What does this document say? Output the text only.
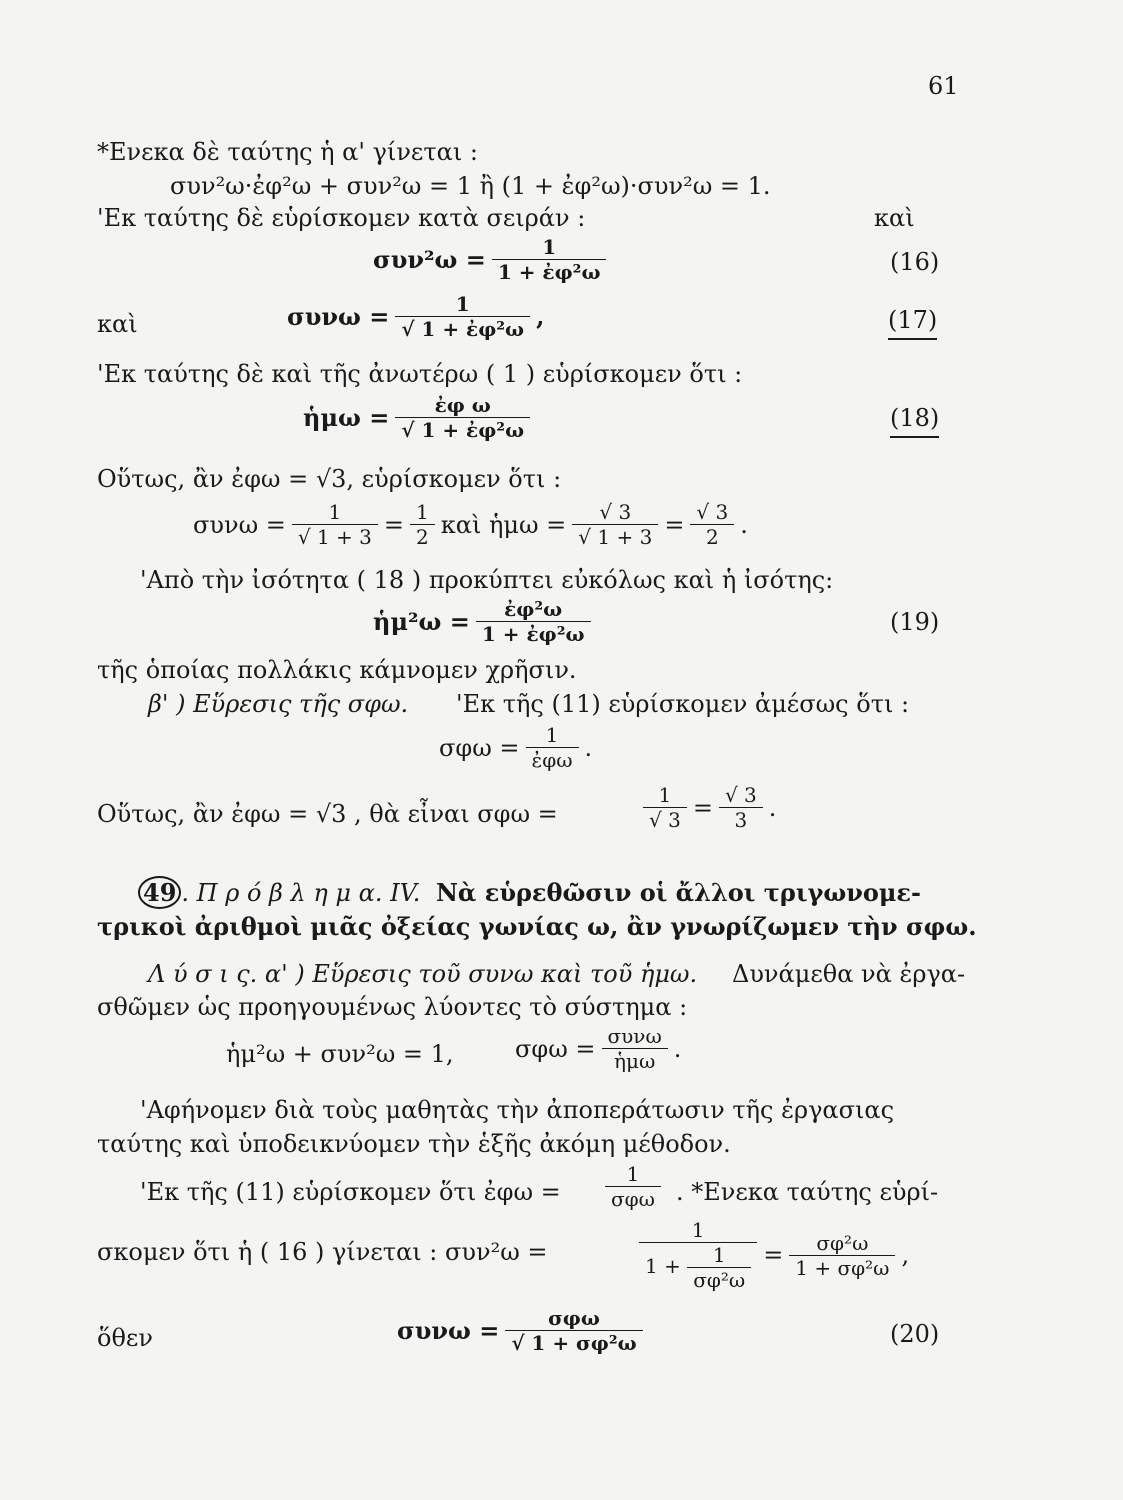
61
*Ενεκα δὲ ταύτης ἡ α' γίνεται :
συν²ω·ἐφ²ω + συν²ω = 1 ἢ (1 + ἐφ²ω)·συν²ω = 1.
'Εκ ταύτης δὲ εὑρίσκομεν κατὰ σειράν :	καὶ
$\sigma\upsilon\nu^2\omega = \frac{1}{\text{1 + ἐφ²ω}}$	(16)
καὶ	$\sigma\upsilon\nu\omega = \frac{1}{\text{√ 1 + ἐφ²ω}}$ ,	(17)
'Εκ ταύτης δὲ καὶ τῆς ἀνωτέρω ( 1 ) εὑρίσκομεν ὅτι :
ἡμω = $\frac{\text{ἐφ ω}}{\text{√ 1 + ἐφ²ω}}$	(18)
Οὕτως, ἂν ἐφω = √3, εὑρίσκομεν ὅτι :
$\sigma\upsilon\nu\omega = \frac{1}{√ 1 + 3} = \frac{1}{2}$ καὶ ἡμω = $\frac{√ 3}{√ 1 + 3} = \frac{√ 3}{2}$ .
'Απὸ τὴν ἰσότητα ( 18 ) προκύπτει εὐκόλως καὶ ἡ ἰσότης:
ἡμ²ω = $\frac{\text{ἐφ²ω}}{\text{1 + ἐφ²ω}}$	(19)
τῆς ὁποίας πολλάκις κάμνομεν χρῆσιν.
β' ) Εὕρεσις τῆς σφω. 'Εκ τῆς (11) εὑρίσκομεν ἀμέσως ὅτι :
$\sigma\varphi\omega = \frac{1}{\text{ἐφω}}$ .
Οὕτως, ἂν ἐφω = √3 , θὰ εἶναι σφω =	$\frac{1}{√ 3} = \frac{√ 3}{3}$ .
49 . Π ρ ό β λ η μ α. IV. Νὰ εὑρεθῶσιν οἱ ἄλλοι τριγωνομε-
τρικοὶ ἀριθμοὶ μιᾶς ὀξείας γωνίας ω, ἂν γνωρίζωμεν τὴν σφω.
Λ ύ σ ι ς. α' ) Εὕρεσις τοῦ συνω καὶ τοῦ ἡμω. Δυνάμεθα νὰ ἐργα-
σθῶμεν ὡς προηγουμένως λύοντες τὸ σύστημα :
ἡμ²ω + συν²ω = 1,	$\sigma\varphi\omega = \frac{\text{συνω}}{\text{ἡμω}}$ .
'Αφήνομεν διὰ τοὺς μαθητὰς τὴν ἀποπεράτωσιν τῆς ἐργασιας
ταύτης καὶ ὑποδεικνύομεν τὴν ἑξῆς ἀκόμη μέθοδον.
'Εκ τῆς (11) εὑρίσκομεν ὅτι ἐφω = $\frac{1}{\text{σφω}}$ . *Ενεκα ταύτης εὑρί-
σκομεν ὅτι ἡ ( 16 ) γίνεται : συν²ω =	$\frac{1}{1 + \frac{1}{\text{σφ²ω}}} = \frac{\text{σφ²ω}}{\text{1 + σφ²ω}}$ ,
ὅθεν	$\sigma\upsilon\nu\omega = \frac{\text{σφω}}{\text{√ 1 + σφ²ω}}$	(20)
